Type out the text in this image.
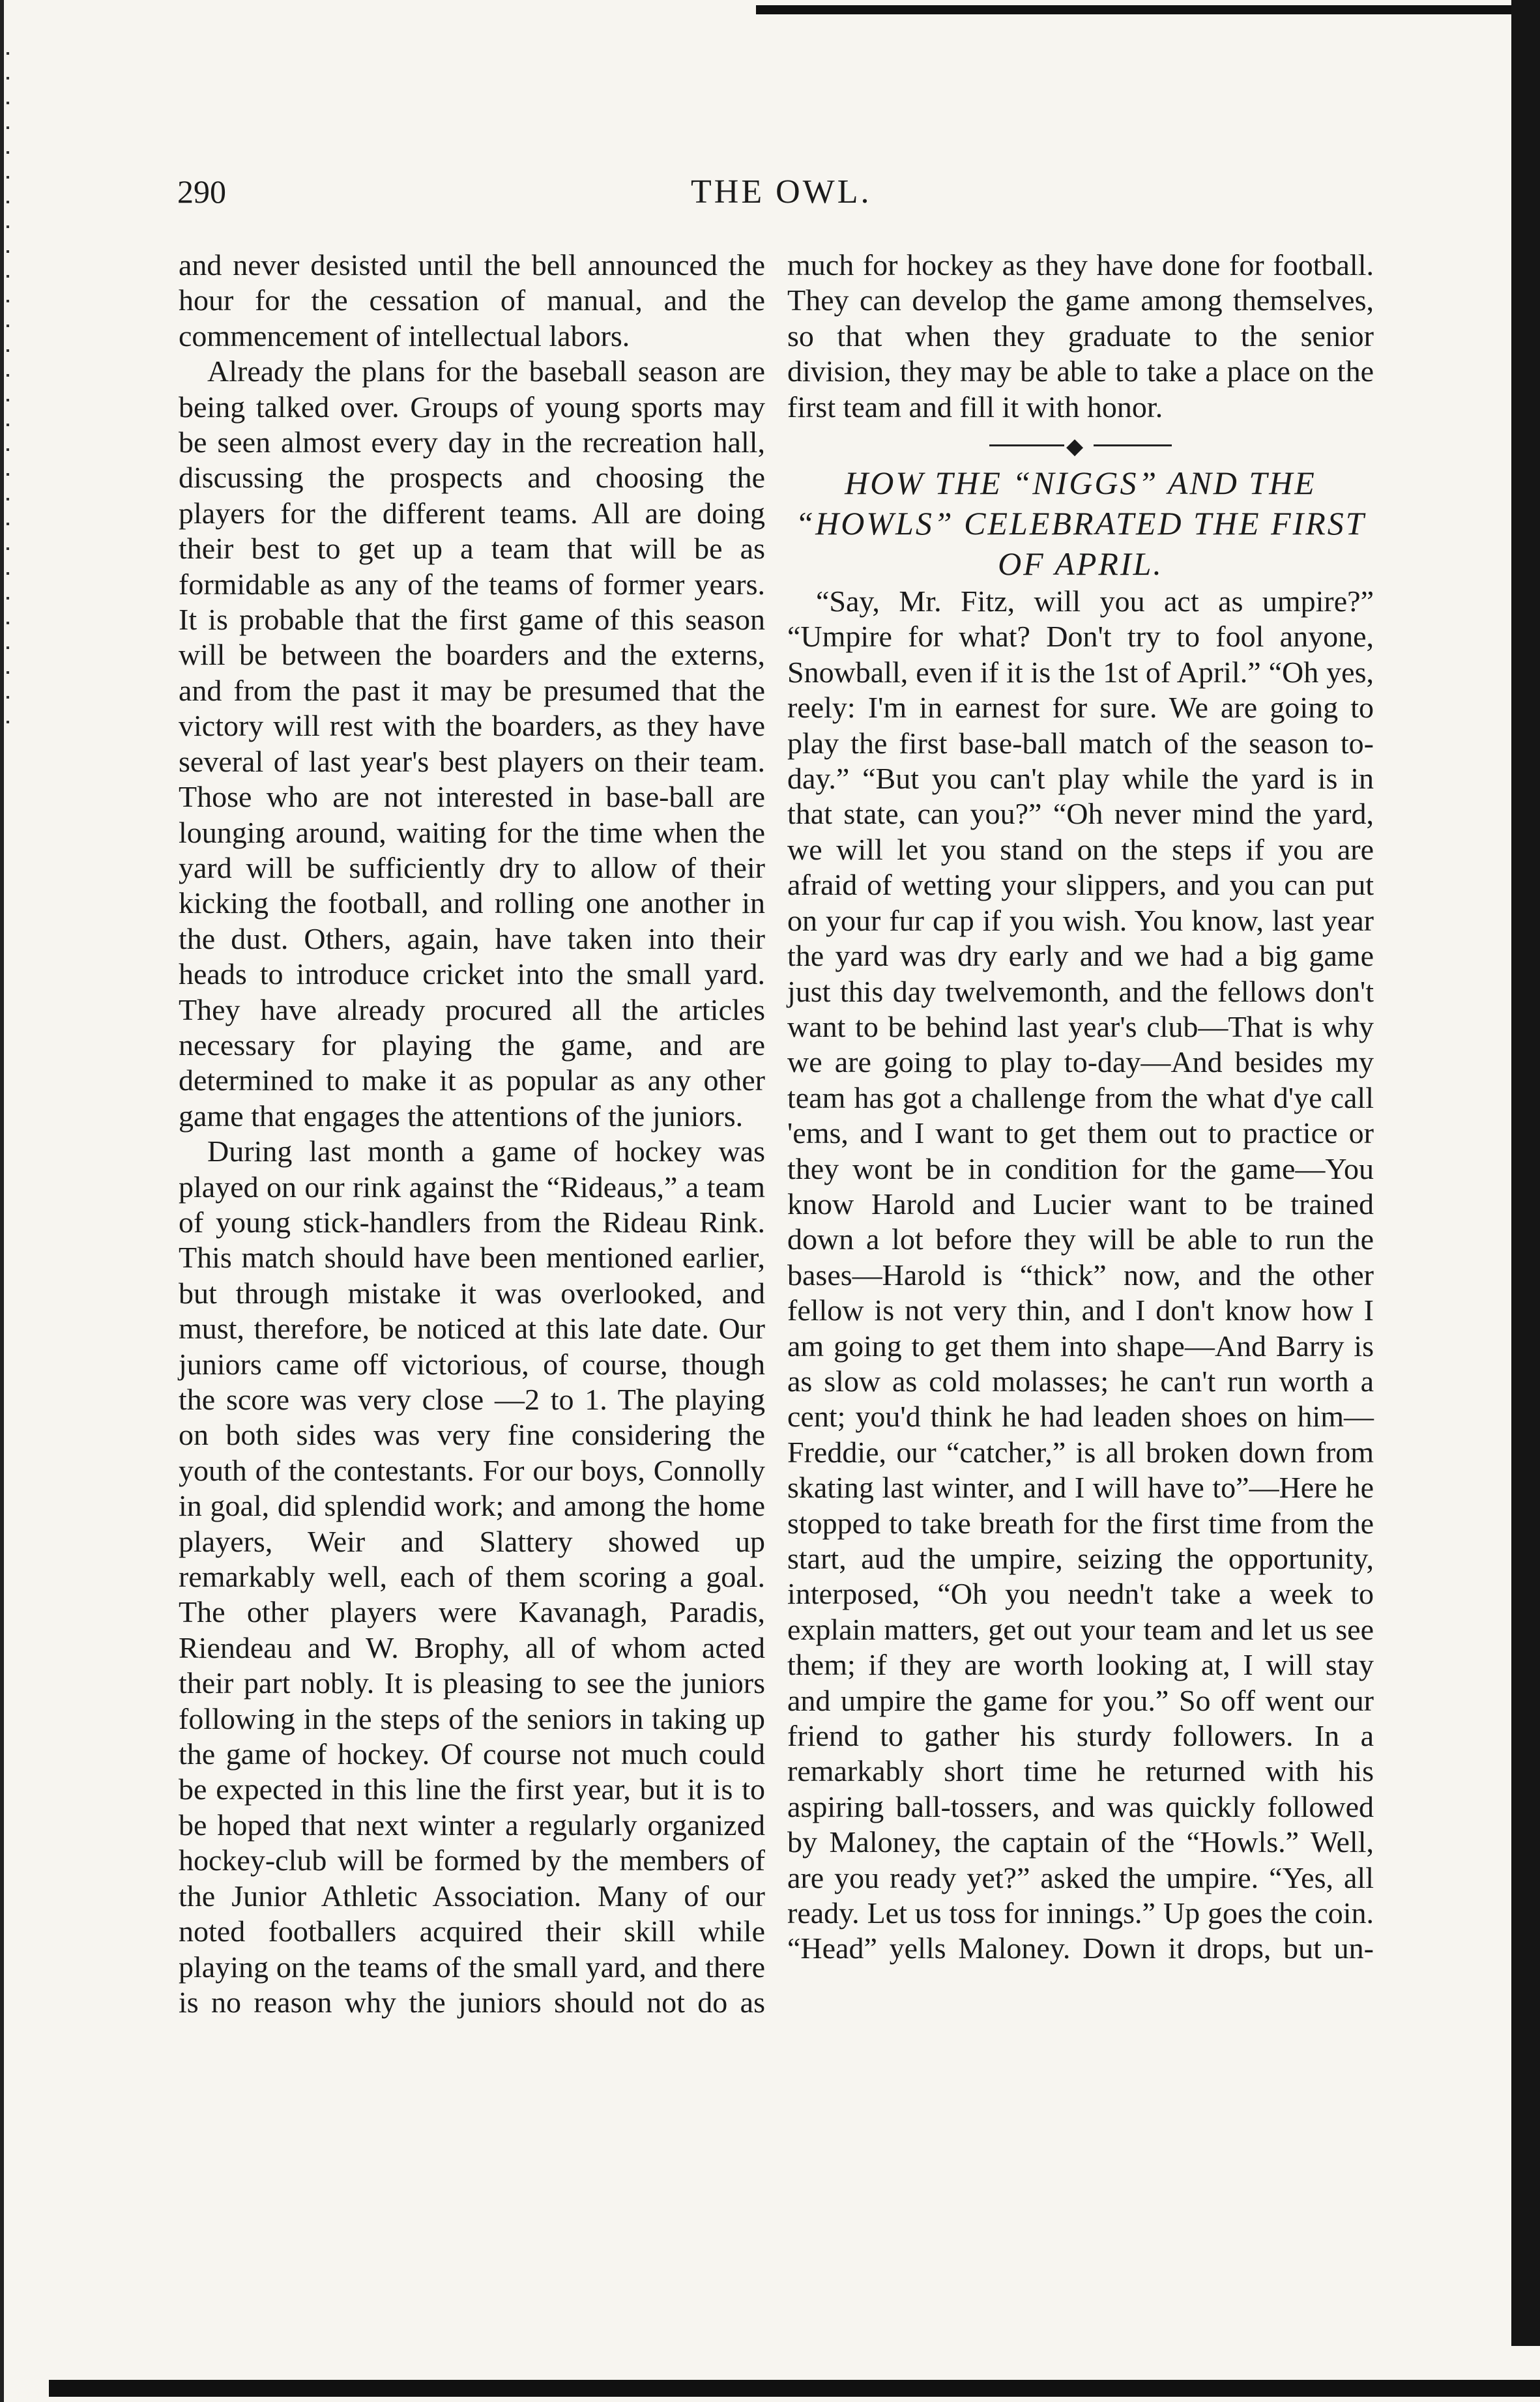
290	THE OWL.

and never desisted until the bell announced the hour for the cessation of manual, and the commencement of intellectual labors.

Already the plans for the baseball season are being talked over. Groups of young sports may be seen almost every day in the recreation hall, discussing the prospects and choosing the players for the different teams. All are doing their best to get up a team that will be as formidable as any of the teams of former years. It is probable that the first game of this season will be between the boarders and the externs, and from the past it may be presumed that the victory will rest with the boarders, as they have several of last year's best players on their team. Those who are not interested in base-ball are lounging around, waiting for the time when the yard will be sufficiently dry to allow of their kicking the football, and rolling one another in the dust. Others, again, have taken into their heads to introduce cricket into the small yard. They have already procured all the articles necessary for playing the game, and are determined to make it as popular as any other game that engages the attentions of the juniors.

During last month a game of hockey was played on our rink against the “Rideaus,” a team of young stick-handlers from the Rideau Rink. This match should have been mentioned earlier, but through mistake it was overlooked, and must, therefore, be noticed at this late date. Our juniors came off victorious, of course, though the score was very close —2 to 1. The playing on both sides was very fine considering the youth of the contestants. For our boys, Connolly in goal, did splendid work; and among the home players, Weir and Slattery showed up remarkably well, each of them scoring a goal. The other players were Kavanagh, Paradis, Riendeau and W. Brophy, all of whom acted their part nobly. It is pleasing to see the juniors following in the steps of the seniors in taking up the game of hockey. Of course not much could be expected in this line the first year, but it is to be hoped that next winter a regularly organized hockey-club will be formed by the members of the Junior Athletic Association. Many of our noted footballers acquired their skill while playing on the teams of the small yard, and there is no reason why the juniors should not do as

much for hockey as they have done for football. They can develop the game among themselves, so that when they graduate to the senior division, they may be able to take a place on the first team and fill it with honor.

◆

HOW THE “NIGGS” AND THE “HOWLS” CELEBRATED THE FIRST OF APRIL.

“Say, Mr. Fitz, will you act as umpire?” “Umpire for what? Don't try to fool anyone, Snowball, even if it is the 1st of April.” “Oh yes, reely: I'm in earnest for sure. We are going to play the first base-ball match of the season to-day.” “But you can't play while the yard is in that state, can you?” “Oh never mind the yard, we will let you stand on the steps if you are afraid of wetting your slippers, and you can put on your fur cap if you wish. You know, last year the yard was dry early and we had a big game just this day twelvemonth, and the fellows don't want to be behind last year's club—That is why we are going to play to-day—And besides my team has got a challenge from the what d'ye call 'ems, and I want to get them out to practice or they wont be in condition for the game—You know Harold and Lucier want to be trained down a lot before they will be able to run the bases—Harold is “thick” now, and the other fellow is not very thin, and I don't know how I am going to get them into shape—And Barry is as slow as cold molasses; he can't run worth a cent; you'd think he had leaden shoes on him—Freddie, our “catcher,” is all broken down from skating last winter, and I will have to”—Here he stopped to take breath for the first time from the start, aud the umpire, seizing the opportunity, interposed, “Oh you needn't take a week to explain matters, get out your team and let us see them; if they are worth looking at, I will stay and umpire the game for you.” So off went our friend to gather his sturdy followers. In a remarkably short time he returned with his aspiring ball-tossers, and was quickly followed by Maloney, the captain of the “Howls.” Well, are you ready yet?” asked the umpire. “Yes, all ready. Let us toss for innings.” Up goes the coin. “Head” yells Maloney. Down it drops, but un-
